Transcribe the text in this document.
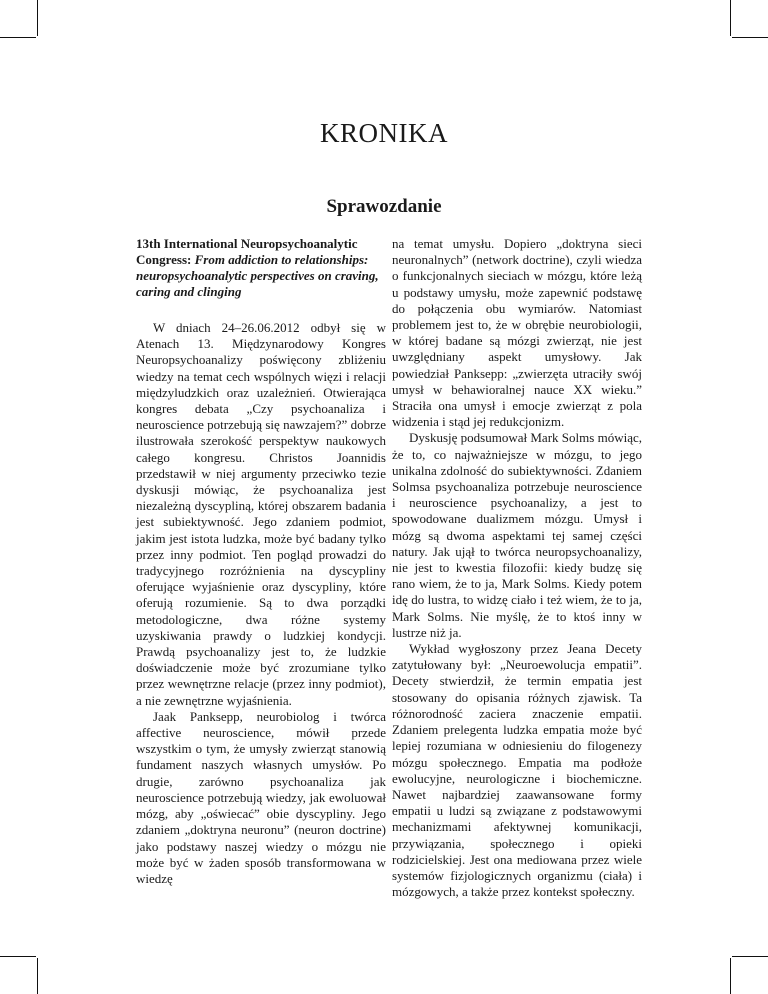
KRONIKA
Sprawozdanie
13th International Neuropsychoanalytic Congress: From addiction to relationships: neuropsychoanalytic perspectives on craving, caring and clinging

W dniach 24–26.06.2012 odbył się w Atenach 13. Międzynarodowy Kongres Neuropsychoanalizy poświęcony zbliżeniu wiedzy na temat cech wspólnych więzi i relacji międzyludzkich oraz uzależnień. Otwierająca kongres debata „Czy psychoanaliza i neuroscience potrzebują się nawzajem?” dobrze ilustrowała szerokość perspektyw naukowych całego kongresu. Christos Joannidis przedstawił w niej argumenty przeciwko tezie dyskusji mówiąc, że psychoanaliza jest niezależną dyscypliną, której obszarem badania jest subiektywność. Jego zdaniem podmiot, jakim jest istota ludzka, może być badany tylko przez inny podmiot. Ten pogląd prowadzi do tradycyjnego rozróżnienia na dyscypliny oferujące wyjaśnienie oraz dyscypliny, które oferują rozumienie. Są to dwa porządki metodologiczne, dwa różne systemy uzyskiwania prawdy o ludzkiej kondycji. Prawdą psychoanalizy jest to, że ludzkie doświadczenie może być zrozumiane tylko przez wewnętrzne relacje (przez inny podmiot), a nie zewnętrzne wyjaśnienia.

Jaak Panksepp, neurobiolog i twórca affective neuroscience, mówił przede wszystkim o tym, że umysły zwierząt stanowią fundament naszych własnych umysłów. Po drugie, zarówno psychoanaliza jak neuroscience potrzebują wiedzy, jak ewoluował mózg, aby „oświecać” obie dyscypliny. Jego zdaniem „doktryna neuronu” (neuron doctrine) jako podstawy naszej wiedzy o mózgu nie może być w żaden sposób transformowana w wiedzę

na temat umysłu. Dopiero „doktryna sieci neuronalnych” (network doctrine), czyli wiedza o funkcjonalnych sieciach w mózgu, które leżą u podstawy umysłu, może zapewnić podstawę do połączenia obu wymiarów. Natomiast problemem jest to, że w obrębie neurobiologii, w której badane są mózgi zwierząt, nie jest uwzględniany aspekt umysłowy. Jak powiedział Panksepp: „zwierzęta utraciły swój umysł w behawioralnej nauce XX wieku.” Straciła ona umysł i emocje zwierząt z pola widzenia i stąd jej redukcjonizm.

Dyskusję podsumował Mark Solms mówiąc, że to, co najważniejsze w mózgu, to jego unikalna zdolność do subiektywności. Zdaniem Solmsa psychoanaliza potrzebuje neuroscience i neuroscience psychoanalizy, a jest to spowodowane dualizmem mózgu. Umysł i mózg są dwoma aspektami tej samej części natury. Jak ujął to twórca neuropsychoanalizy, nie jest to kwestia filozofii: kiedy budzę się rano wiem, że to ja, Mark Solms. Kiedy potem idę do lustra, to widzę ciało i też wiem, że to ja, Mark Solms. Nie myślę, że to ktoś inny w lustrze niż ja.

Wykład wygłoszony przez Jeana Decety zatytułowany był: „Neuroewolucja empatii”. Decety stwierdził, że termin empatia jest stosowany do opisania różnych zjawisk. Ta różnorodność zaciera znaczenie empatii. Zdaniem prelegenta ludzka empatia może być lepiej rozumiana w odniesieniu do filogenezy mózgu społecznego. Empatia ma podłoże ewolucyjne, neurologiczne i biochemiczne. Nawet najbardziej zaawansowane formy empatii u ludzi są związane z podstawowymi mechanizmami afektywnej komunikacji, przywiązania, społecznego i opieki rodzicielskiej. Jest ona mediowana przez wiele systemów fizjologicznych organizmu (ciała) i mózgowych, a także przez kontekst społeczny.
